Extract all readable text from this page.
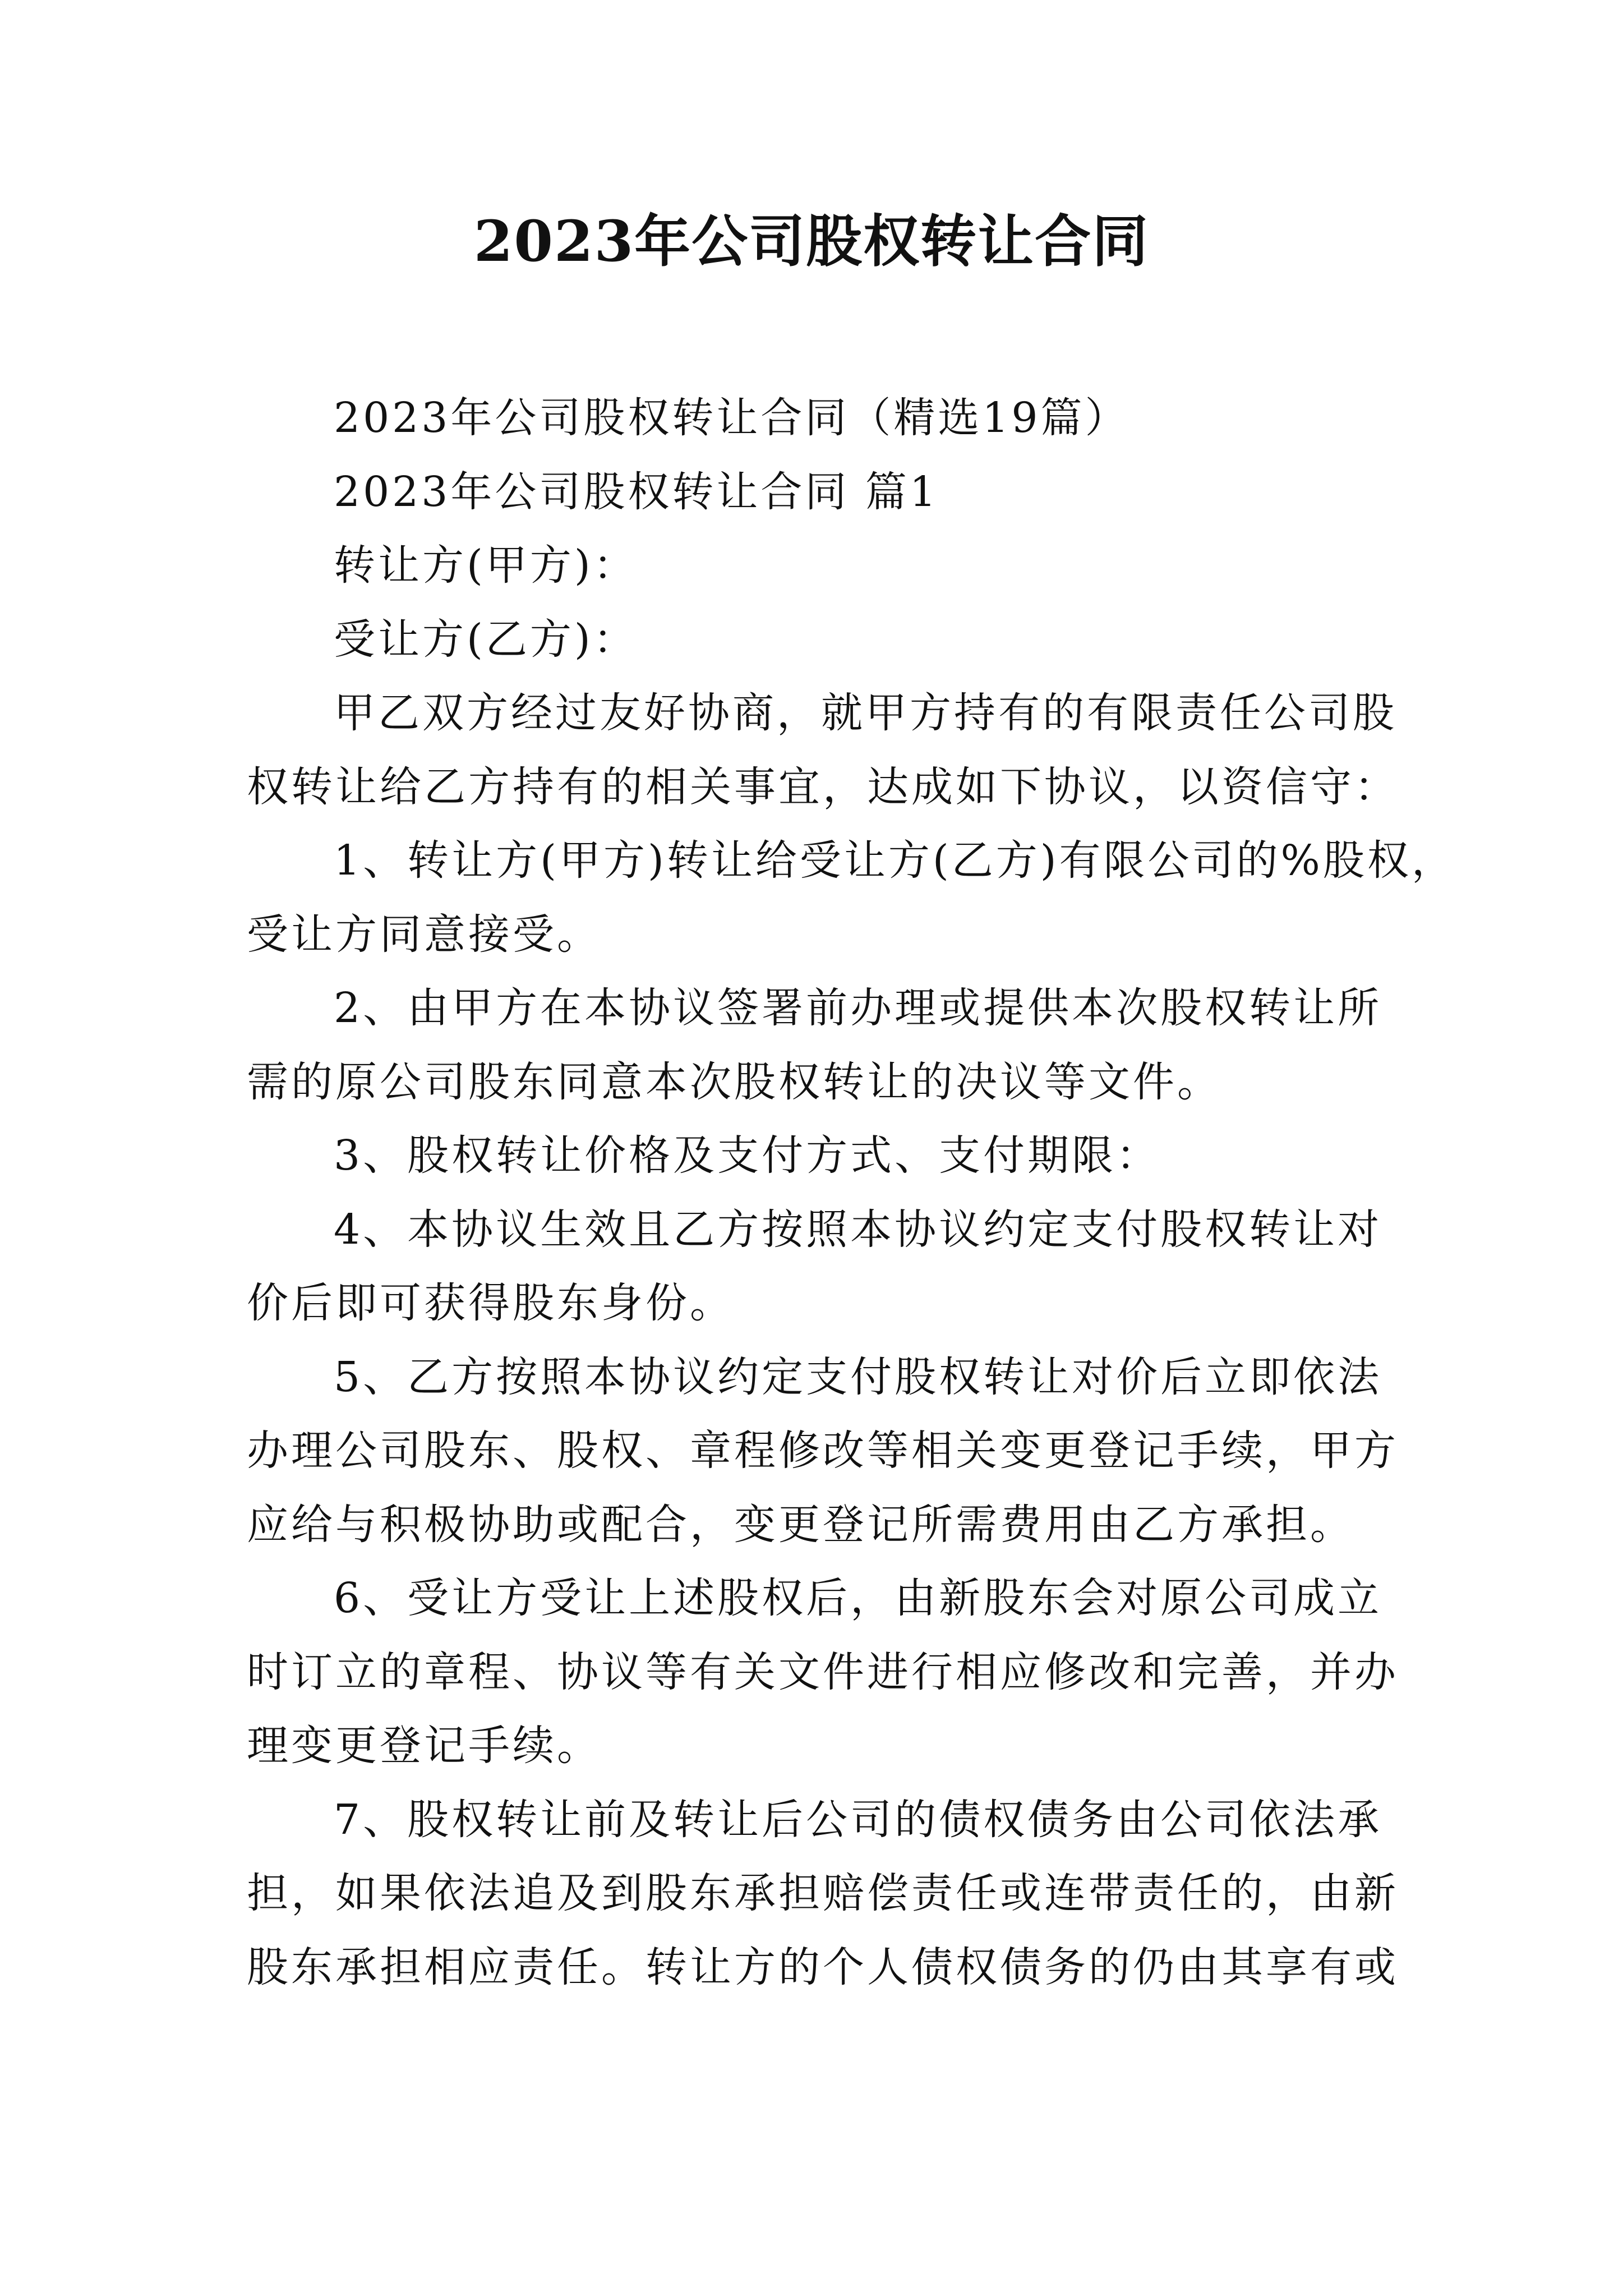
2023年公司股权转让合同
2023年公司股权转让合同（精选19篇）
2023年公司股权转让合同 篇1
转让方(甲方)：
受让方(乙方)：
甲乙双方经过友好协商，就甲方持有的有限责任公司股
权转让给乙方持有的相关事宜，达成如下协议，以资信守：
1、转让方(甲方)转让给受让方(乙方)有限公司的%股权，
受让方同意接受。
2、由甲方在本协议签署前办理或提供本次股权转让所
需的原公司股东同意本次股权转让的决议等文件。
3、股权转让价格及支付方式、支付期限：
4、本协议生效且乙方按照本协议约定支付股权转让对
价后即可获得股东身份。
5、乙方按照本协议约定支付股权转让对价后立即依法
办理公司股东、股权、章程修改等相关变更登记手续，甲方
应给与积极协助或配合，变更登记所需费用由乙方承担。
6、受让方受让上述股权后，由新股东会对原公司成立
时订立的章程、协议等有关文件进行相应修改和完善，并办
理变更登记手续。
7、股权转让前及转让后公司的债权债务由公司依法承
担，如果依法追及到股东承担赔偿责任或连带责任的，由新
股东承担相应责任。转让方的个人债权债务的仍由其享有或
